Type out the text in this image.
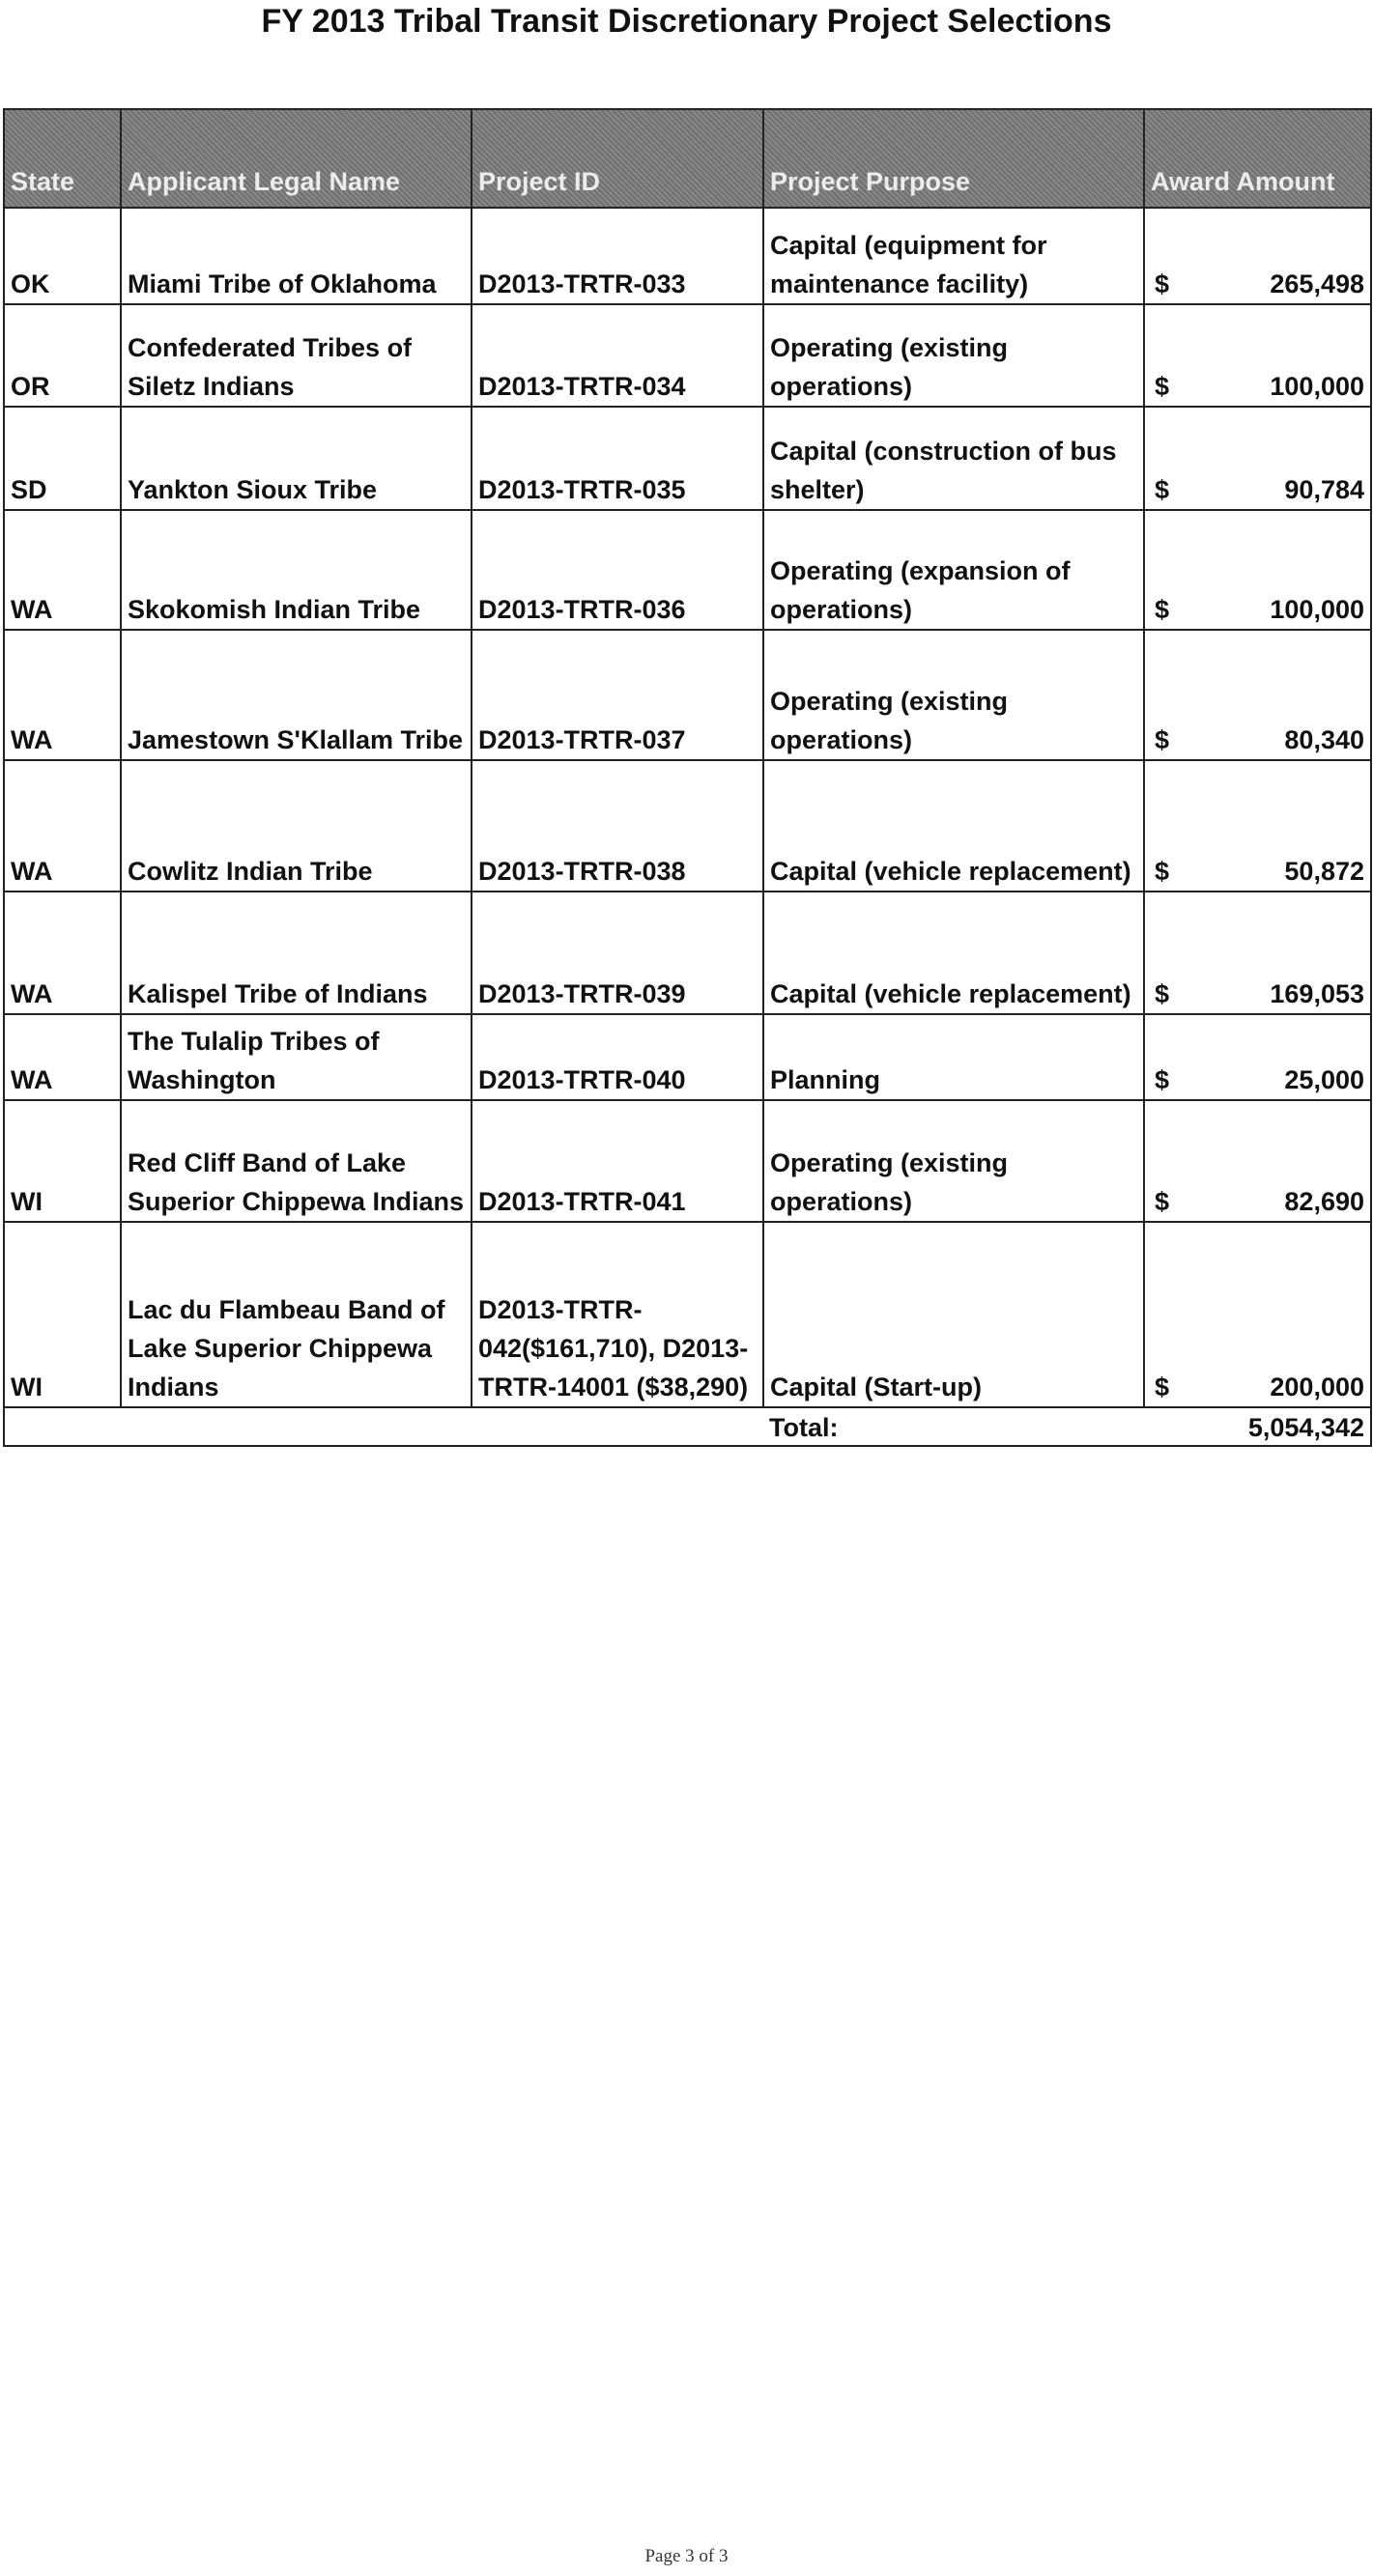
FY 2013 Tribal Transit Discretionary Project Selections
State	Applicant Legal Name	Project ID	Project Purpose	Award Amount
OK	Miami Tribe of Oklahoma	D2013-TRTR-033	Capital (equipment for maintenance facility)	$ 265,498

OR	Confederated Tribes of Siletz Indians	D2013-TRTR-034	Operating (existing operations)	$ 100,000

SD	Yankton Sioux Tribe	D2013-TRTR-035	Capital (construction of bus shelter)	$ 90,784

WA	Skokomish Indian Tribe	D2013-TRTR-036	Operating (expansion of operations)	$ 100,000

WA	Jamestown S'Klallam Tribe	D2013-TRTR-037	Operating (existing operations)	$ 80,340

WA	Cowlitz Indian Tribe	D2013-TRTR-038	Capital (vehicle replacement)	$ 50,872

WA	Kalispel Tribe of Indians	D2013-TRTR-039	Capital (vehicle replacement)	$ 169,053

WA	The Tulalip Tribes of Washington	D2013-TRTR-040	Planning	$ 25,000

WI	Red Cliff Band of Lake Superior Chippewa Indians	D2013-TRTR-041	Operating (existing operations)	$ 82,690

WI	Lac du Flambeau Band of Lake Superior Chippewa Indians	D2013-TRTR-042($161,710), D2013-TRTR-14001 ($38,290)	Capital (Start-up)	$ 200,000

			Total:	5,054,342
Page 3 of 3
